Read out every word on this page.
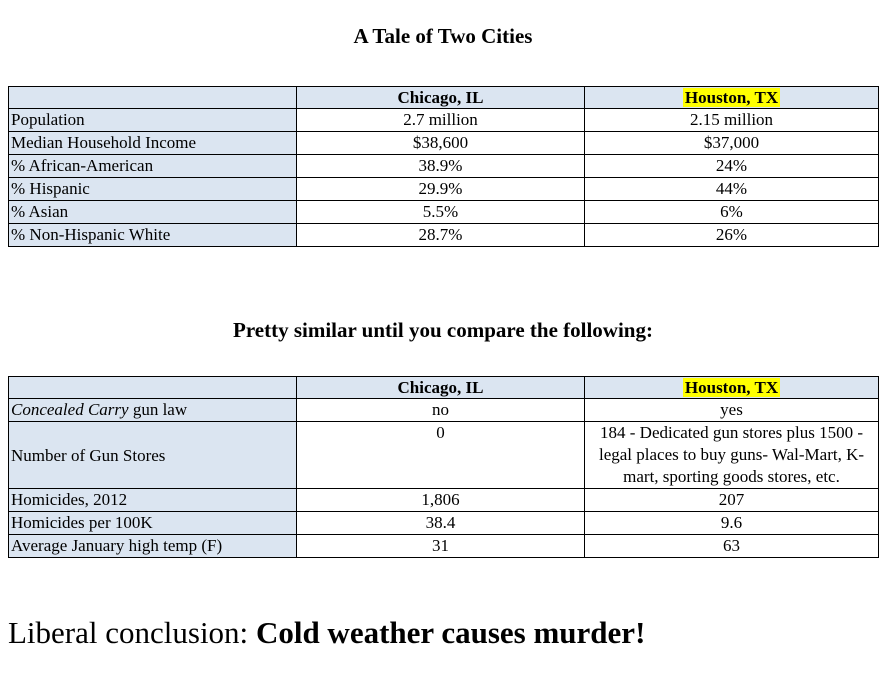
A Tale of Two Cities
	Chicago, IL	Houston, TX
Population	2.7 million	2.15 million
Median Household Income	$38,600	$37,000
% African-American	38.9%	24%
% Hispanic	29.9%	44%
% Asian	5.5%	6%
% Non-Hispanic White	28.7%	26%
Pretty similar until you compare the following:
	Chicago, IL	Houston, TX
Concealed Carry gun law	no	yes
Number of Gun Stores	0	184 - Dedicated gun stores plus 1500 - legal places to buy guns- Wal-Mart, K-mart, sporting goods stores, etc.
Homicides, 2012	1,806	207
Homicides per 100K	38.4	9.6
Average January high temp (F)	31	63
Liberal conclusion: Cold weather causes murder!
